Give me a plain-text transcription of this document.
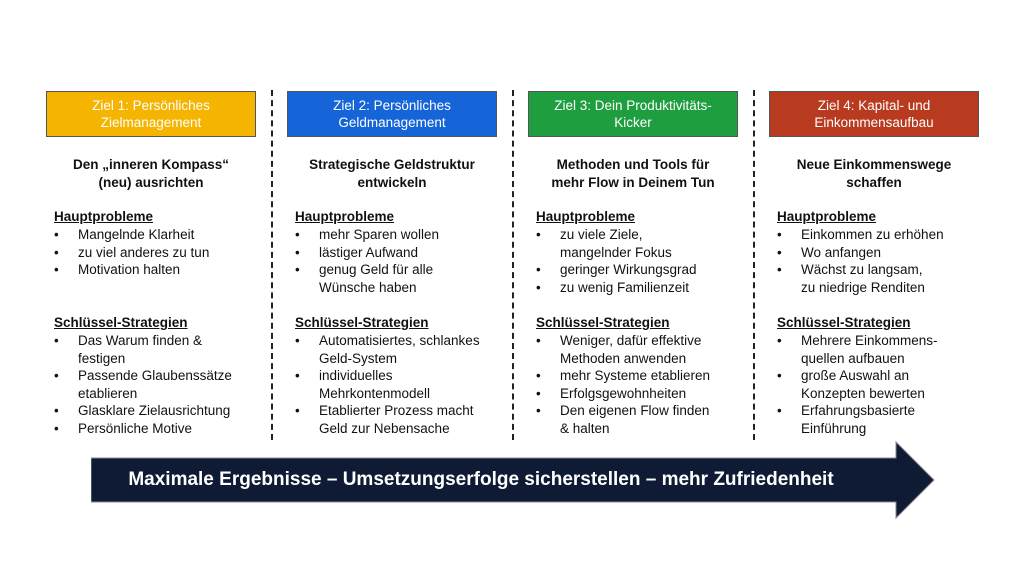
Ziel 1: Persönliches
Zielmanagement
Den „inneren Kompass“
(neu) ausrichten
Hauptprobleme
• Mangelnde Klarheit
• zu viel anderes zu tun
• Motivation halten
Schlüssel-Strategien
• Das Warum finden &
festigen
• Passende Glaubenssätze
etablieren
• Glasklare Zielausrichtung
• Persönliche Motive
Ziel 2: Persönliches
Geldmanagement
Strategische Geldstruktur
entwickeln
Hauptprobleme
• mehr Sparen wollen
• lästiger Aufwand
• genug Geld für alle
Wünsche haben
Schlüssel-Strategien
• Automatisiertes, schlankes
Geld-System
• individuelles
Mehrkontenmodell
• Etablierter Prozess macht
Geld zur Nebensache
Ziel 3: Dein Produktivitäts-
Kicker
Methoden und Tools für
mehr Flow in Deinem Tun
Hauptprobleme
• zu viele Ziele,
mangelnder Fokus
• geringer Wirkungsgrad
• zu wenig Familienzeit
Schlüssel-Strategien
• Weniger, dafür effektive
Methoden anwenden
• mehr Systeme etablieren
• Erfolgsgewohnheiten
• Den eigenen Flow finden
& halten
Ziel 4: Kapital- und
Einkommensaufbau
Neue Einkommenswege
schaffen
Hauptprobleme
• Einkommen zu erhöhen
• Wo anfangen
• Wächst zu langsam,
zu niedrige Renditen
Schlüssel-Strategien
• Mehrere Einkommens-
quellen aufbauen
• große Auswahl an
Konzepten bewerten
• Erfahrungsbasierte
Einführung
Maximale Ergebnisse – Umsetzungserfolge sicherstellen – mehr Zufriedenheit
